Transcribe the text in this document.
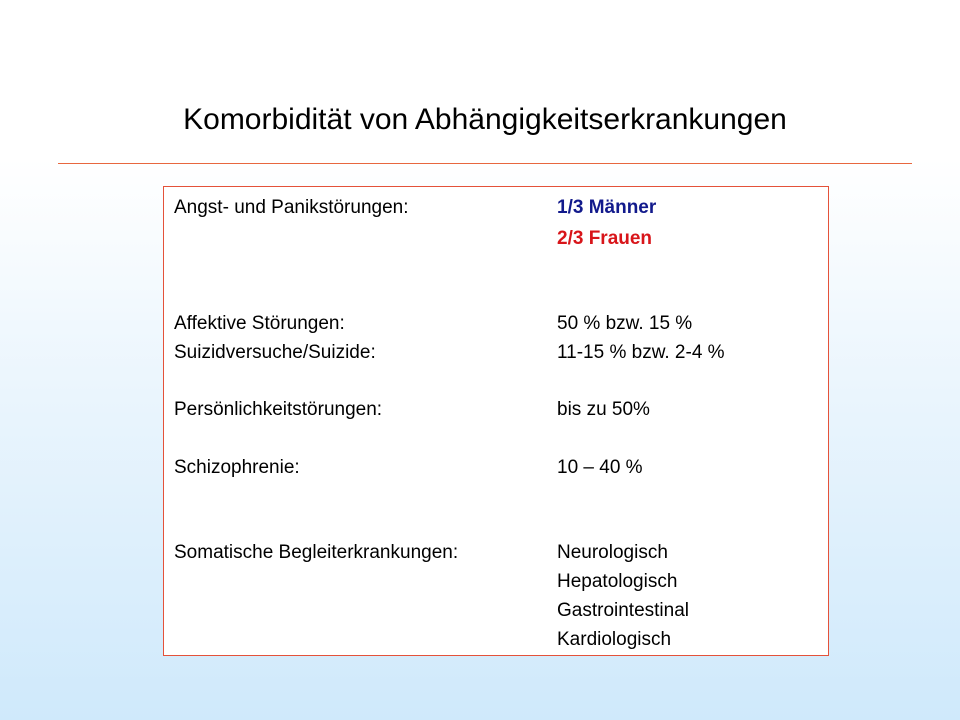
Komorbidität von Abhängigkeitserkrankungen
Angst- und Panikstörungen:	1/3 Männer
2/3 Frauen
Affektive Störungen:	50 % bzw. 15 %
Suizidversuche/Suizide:	11-15 % bzw. 2-4 %
Persönlichkeitstörungen:	bis zu 50%
Schizophrenie:	10 – 40 %
Somatische Begleiterkrankungen:	Neurologisch
Hepatologisch
Gastrointestinal
Kardiologisch
